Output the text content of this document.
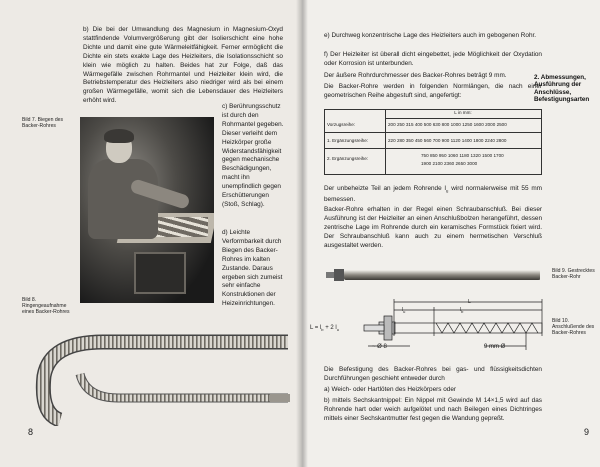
b) Die bei der Umwandlung des Magnesium in Magnesium-Oxyd stattfindende Volumvergrößerung gibt der Isolierschicht eine hohe Dichte und damit eine gute Wärmeleitfähigkeit. Ferner ermöglicht die Dichte ein stets exakte Lage des Heizleiters, die Isolationsschicht so klein wie möglich zu halten. Beides hat zur Folge, daß das Wärmegefälle zwischen Rohrmantel und Heizleiter klein wird, die Betriebstemperatur des Heizleiters also niedriger wird als bei einem großen Wärmegefälle, womit sich die Lebensdauer des Heizleiters erhöht wird.

Bild 7. Biegen des Backer-Rohres

c) Berührungsschutz ist durch den Rohrmantel gegeben. Dieser verleiht dem Heizkörper große Widerstandsfähigkeit gegen mechanische Beschädigungen, macht ihn unempfindlich gegen Erschütterungen (Stoß, Schlag).

d) Leichte Verformbarkeit durch Biegen des Backer-Rohres im kalten Zustande. Daraus ergeben sich zumeist sehr einfache Konstruktionen der Heizeinrichtungen.

Bild 8. Ringengeaufnahme eines Backer-Rohres
8
e) Durchweg konzentrische Lage des Heizleiters auch im gebogenen Rohr.
f) Der Heizleiter ist überall dicht eingebettet, jede Möglichkeit der Oxydation oder Korrosion ist unterbunden.
Der äußere Rohrdurchmesser des Backer-Rohres beträgt 9 mm.
Die Backer-Rohre werden in folgenden Normlängen, die nach einer geometrischen Reihe abgestuft sind, angefertigt:
2. Abmessungen, Ausführung der Anschlüsse, Befestigungsarten
L in mm:
Vorzugsreihe:	200 250 315 400 500 630 800 1000 1250 1600 2000 2500
1. Ergänzungsreihe:	220 280 350 450 560 700 900 1120 1400 1800 2240 2800
2. Ergänzungsreihe:
750 850 950 1060 1180 1320 1500 1700
1900 2100 2360 2650 3000
Der unbeheizte Teil an jedem Rohrende $l_u$ wird normalerweise mit 55 mm bemessen.
Backer-Rohre erhalten in der Regel einen Schraubanschluß. Bei dieser Ausführung ist der Heizleiter an einen Anschlußbolzen herangeführt, dessen zentrische Lage im Rohrende durch ein keramisches Formstück fixiert wird. Der Schraubanschluß kann auch zu einem hermetischen Verschluß ausgestaltet werden.
Bild 9. Gestrecktes Backer-Rohr
L
$l_u$	$l_b$
~ Ø 8	9 mm Ø
$L = l_b + 2$ $l_u$
Bild 10. Anschlußende des Backer-Rohres
Die Befestigung des Backer-Rohres bei gas- und flüssigkeitsdichten Durchführungen geschieht entweder durch
a) Weich- oder Hartlöten des Heizkörpers oder
b) mittels Sechskantnippel: Ein Nippel mit Gewinde M 14×1,5 wird auf das Rohrende hart oder weich aufgelötet und nach Beilegen eines Dichtringes mittels einer Sechskantmutter fest gegen die Wandung gepreßt.
9
